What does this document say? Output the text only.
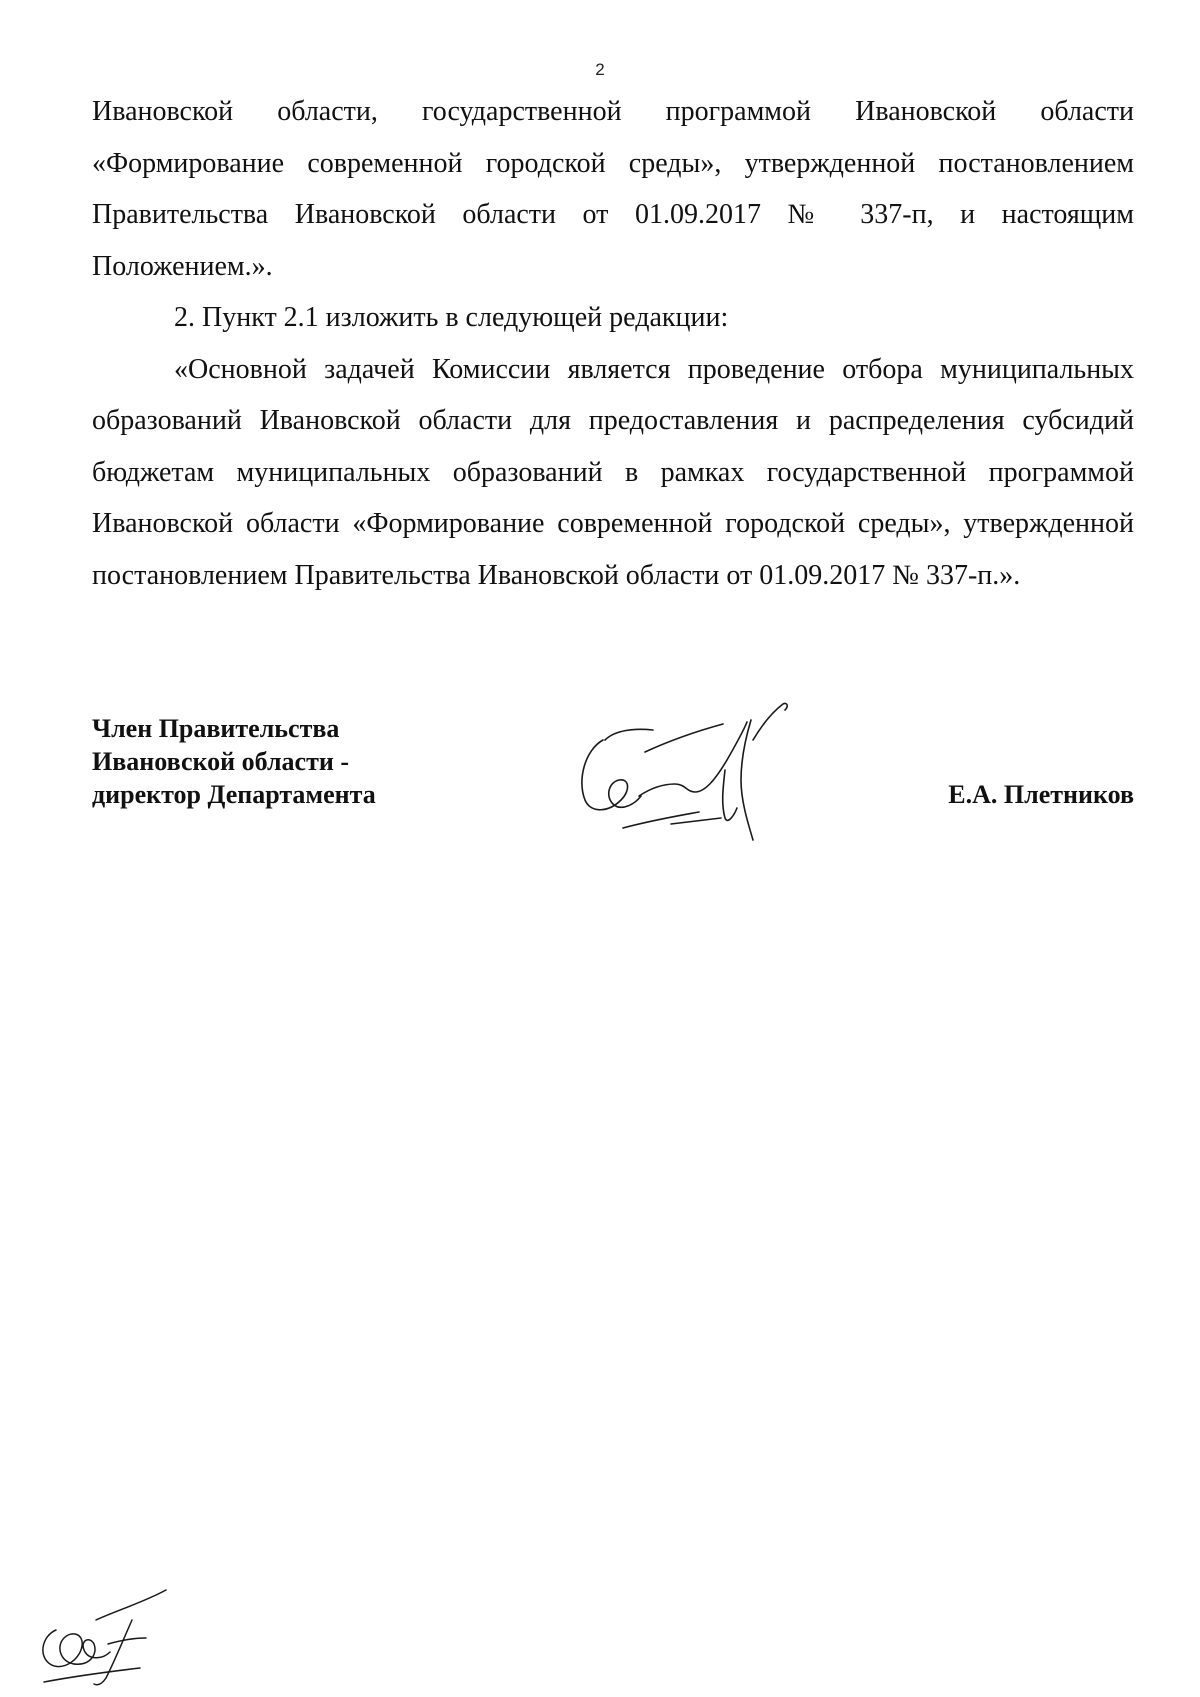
2

Ивановской области, государственной программой Ивановской области «Формирование современной городской среды», утвержденной постановлением Правительства Ивановской области от 01.09.2017 № 337-п, и настоящим Положением.».

2. Пункт 2.1 изложить в следующей редакции:

«Основной задачей Комиссии является проведение отбора муниципальных образований Ивановской области для предоставления и распределения субсидий бюджетам муниципальных образований в рамках государственной программой Ивановской области «Формирование современной городской среды», утвержденной постановлением Правительства Ивановской области от 01.09.2017 № 337-п.».

Член Правительства
Ивановской области -
директор Департамента	Е.А. Плетников
